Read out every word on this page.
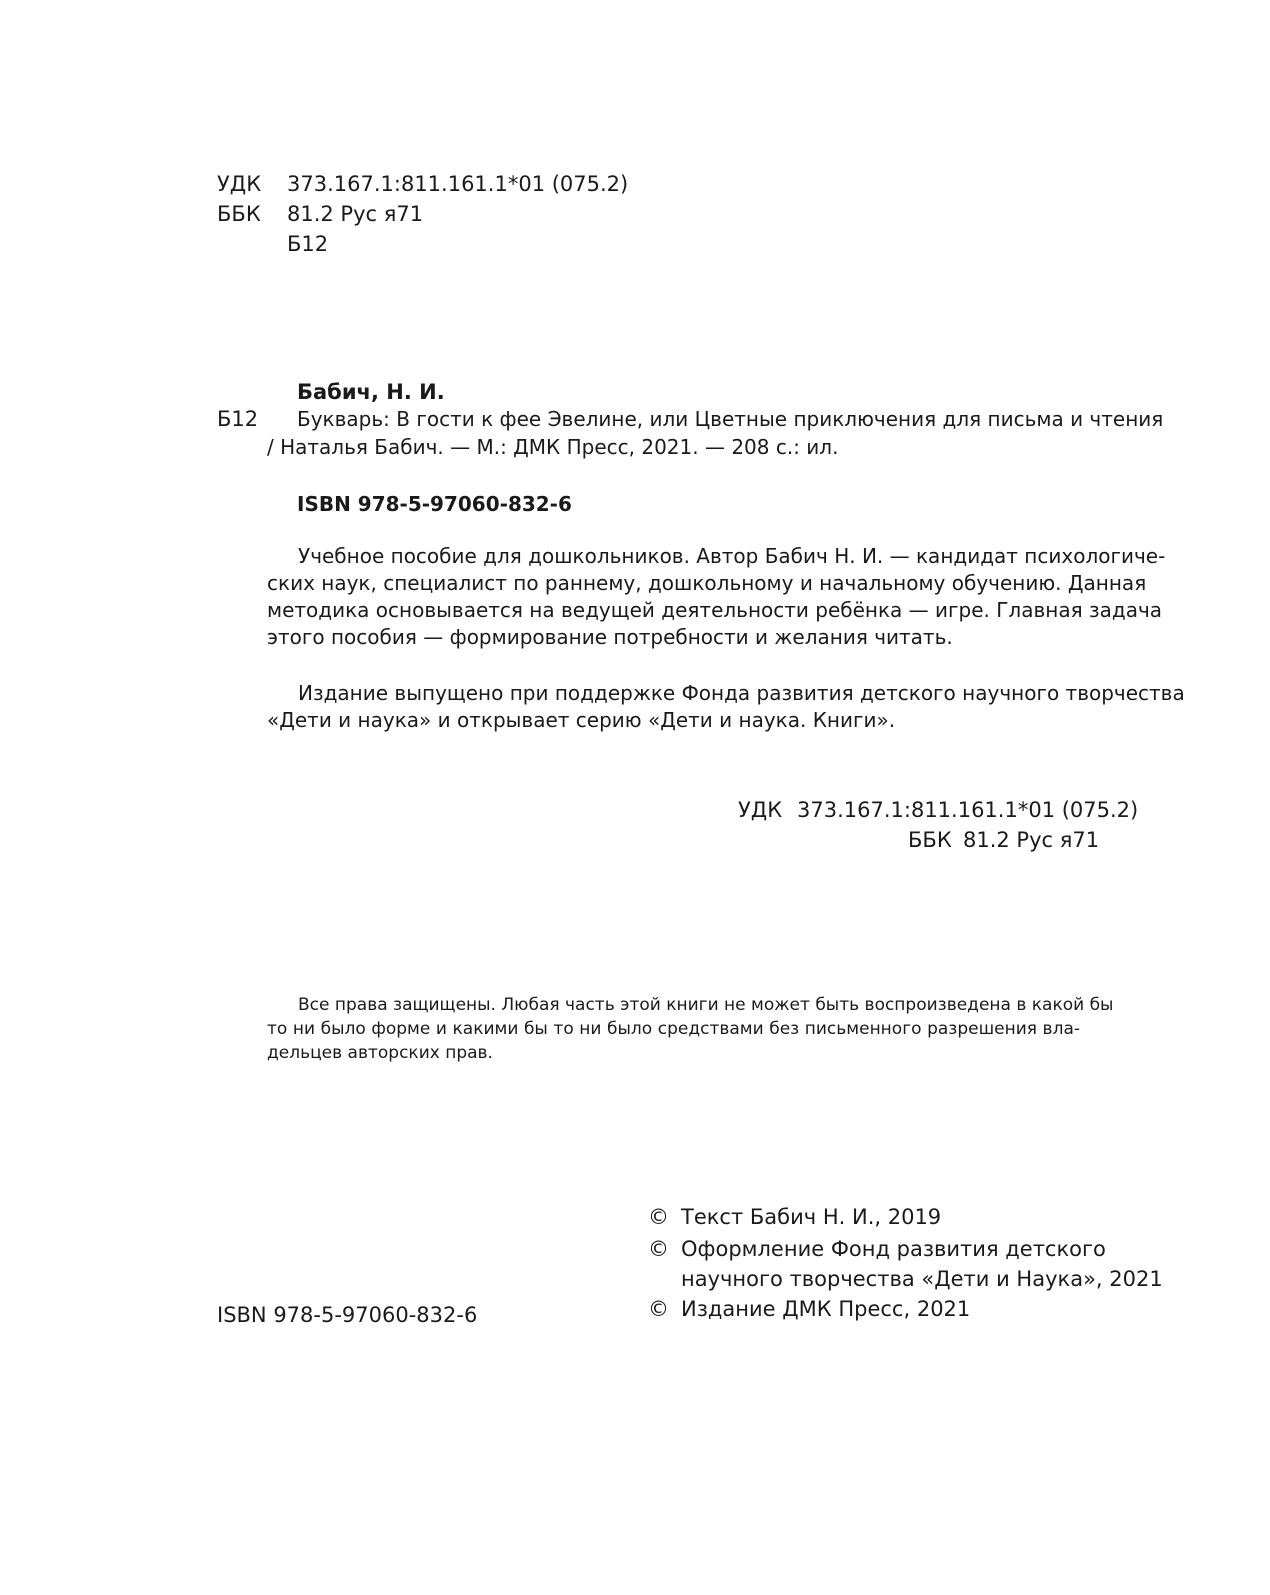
УДК 373.167.1:811.161.1*01 (075.2)
ББК 81.2 Рус я71
Б12
Бабич, Н. И.
Б12 Букварь: В гости к фее Эвелине, или Цветные приключения для письма и чтения
/ Наталья Бабич. — М.: ДМК Пресс, 2021. — 208 с.: ил.
ISBN 978-5-97060-832-6
Учебное пособие для дошкольников. Автор Бабич Н. И. — кандидат психологиче-
ских наук, специалист по раннему, дошкольному и начальному обучению. Данная
методика основывается на ведущей деятельности ребёнка — игре. Главная задача
этого пособия — формирование потребности и желания читать.
Издание выпущено при поддержке Фонда развития детского научного творчества
«Дети и наука» и открывает серию «Дети и наука. Книги».
УДК 373.167.1:811.161.1*01 (075.2)
ББК 81.2 Рус я71
Все права защищены. Любая часть этой книги не может быть воспроизведена в какой бы
то ни было форме и какими бы то ни было средствами без письменного разрешения вла-
дельцев авторских прав.
ISBN 978-5-97060-832-6
© Текст Бабич Н. И., 2019
© Оформление Фонд развития детского
научного творчества «Дети и Наука», 2021
© Издание ДМК Пресс, 2021
